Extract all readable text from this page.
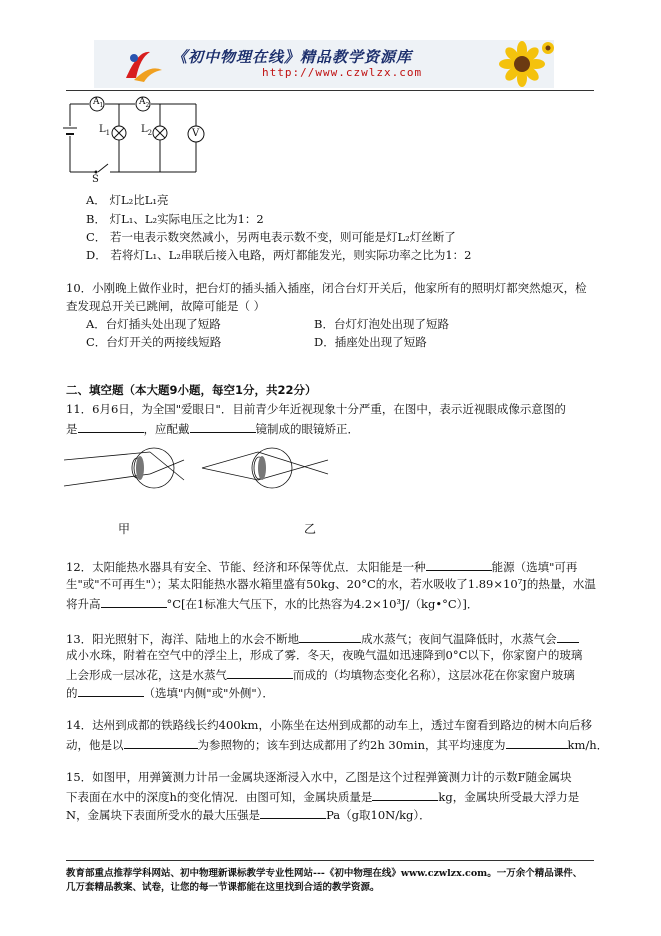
《初中物理在线》精品教学资源库
http://www.czwlzx.com
$A_1$	$A_2$
$L_1$	$L_2$	V
S
A． 灯L₂比L₁亮
B． 灯L₁、L₂实际电压之比为1：2
C． 若一电表示数突然减小，另两电表示数不变，则可能是灯L₂灯丝断了
D． 若将灯L₁、L₂串联后接入电路，两灯都能发光，则实际功率之比为1：2
10．小刚晚上做作业时，把台灯的插头插入插座，闭合台灯开关后，他家所有的照明灯都突然熄灭，检
查发现总开关已跳闸，故障可能是（ ）
A．台灯插头处出现了短路	B．台灯灯泡处出现了短路
C．台灯开关的两接线短路	D．插座处出现了短路
二、填空题（本大题9小题，每空1分，共22分）
11．6月6日，为全国"爱眼日"．目前青少年近视现象十分严重，在图中，表示近视眼成像示意图的
是	，应配戴	镜制成的眼镜矫正．
甲	乙
12．太阳能热水器具有安全、节能、经济和环保等优点．太阳能是一种	能源（选填"可再
生"或"不可再生"）；某太阳能热水器水箱里盛有50kg、20°C的水，若水吸收了1.89×10⁷J的热量，水温
将升高	°C[在1标准大气压下，水的比热容为4.2×10³J/（kg•°C）]．
13．阳光照射下，海洋、陆地上的水会不断地	成水蒸气；夜间气温降低时，水蒸气会
成小水珠，附着在空气中的浮尘上，形成了雾．冬天，夜晚气温如迅速降到0°C以下，你家窗户的玻璃
上会形成一层冰花，这是水蒸气	而成的（均填物态变化名称），这层冰花在你家窗户玻璃
的	（选填"内侧"或"外侧"）．
14．达州到成都的铁路线长约400km，小陈坐在达州到成都的动车上，透过车窗看到路边的树木向后移
动，他是以	为参照物的；该车到达成都用了约2h 30min，其平均速度为	km/h．
15．如图甲，用弹簧测力计吊一金属块逐渐浸入水中，乙图是这个过程弹簧测力计的示数F随金属块
下表面在水中的深度h的变化情况．由图可知，金属块质量是	kg，金属块所受最大浮力是
N，金属块下表面所受水的最大压强是	Pa（g取10N/kg）．
教育部重点推荐学科网站、初中物理新课标教学专业性网站---《初中物理在线》www.czwlzx.com。一万余个精品课件、
几万套精品教案、试卷，让您的每一节课都能在这里找到合适的教学资源。
